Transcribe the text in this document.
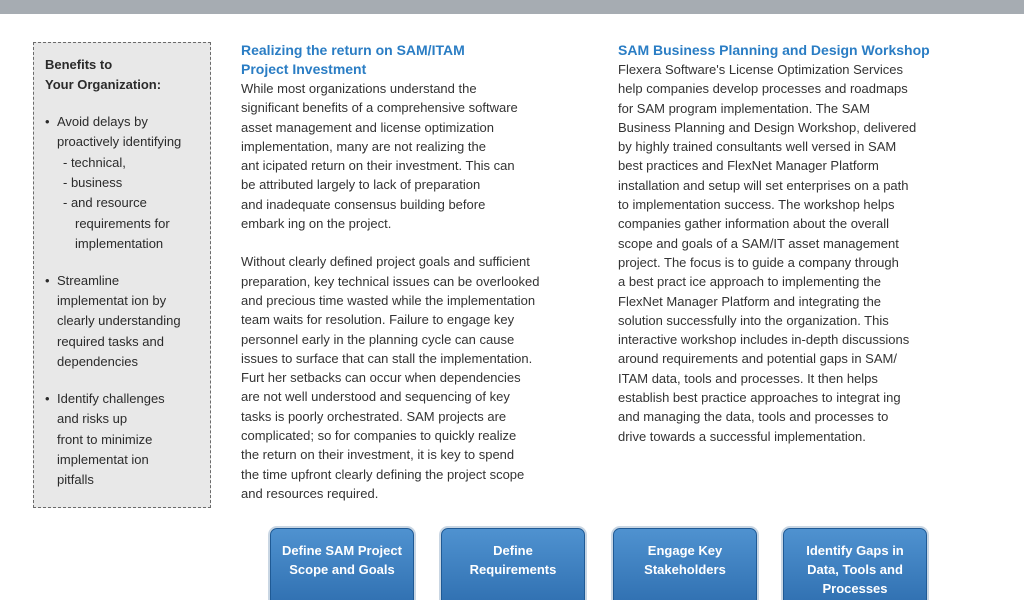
Benefits to
Your Organization:
• Avoid delays by
proactively identifying
- technical,
- business
- and resource
requirements for
implementation
• Streamline
implementat ion by
clearly understanding
required tasks and
dependencies
• Identify challenges
and risks up
front to minimize
implementat ion
pitfalls
Realizing the return on SAM/ITAM
Project Investment
While most organizations understand the
significant benefits of a comprehensive software
asset management and license optimization
implementation, many are not realizing the
ant icipated return on their investment. This can
be attributed largely to lack of preparation
and inadequate consensus building before
embark ing on the project.
Without clearly defined project goals and sufficient
preparation, key technical issues can be overlooked
and precious time wasted while the implementation
team waits for resolution. Failure to engage key
personnel early in the planning cycle can cause
issues to surface that can stall the implementation.
Furt her setbacks can occur when dependencies
are not well understood and sequencing of key
tasks is poorly orchestrated. SAM projects are
complicated; so for companies to quickly realize
the return on their investment, it is key to spend
the time upfront clearly defining the project scope
and resources required.
SAM Business Planning and Design Workshop
Flexera Software's License Optimization Services
help companies develop processes and roadmaps
for SAM program implementation. The SAM
Business Planning and Design Workshop, delivered
by highly trained consultants well versed in SAM
best practices and FlexNet Manager Platform
installation and setup will set enterprises on a path
to implementation success. The workshop helps
companies gather information about the overall
scope and goals of a SAM/IT asset management
project. The focus is to guide a company through
a best pract ice approach to implementing the
FlexNet Manager Platform and integrating the
solution successfully into the organization. This
interactive workshop includes in-depth discussions
around requirements and potential gaps in SAM/
ITAM data, tools and processes. It then helps
establish best practice approaches to integrat ing
and managing the data, tools and processes to
drive towards a successful implementation.
Define SAM Project
Scope and Goals
Define
Requirements
Engage Key
Stakeholders
Identify Gaps in
Data, Tools and
Processes
